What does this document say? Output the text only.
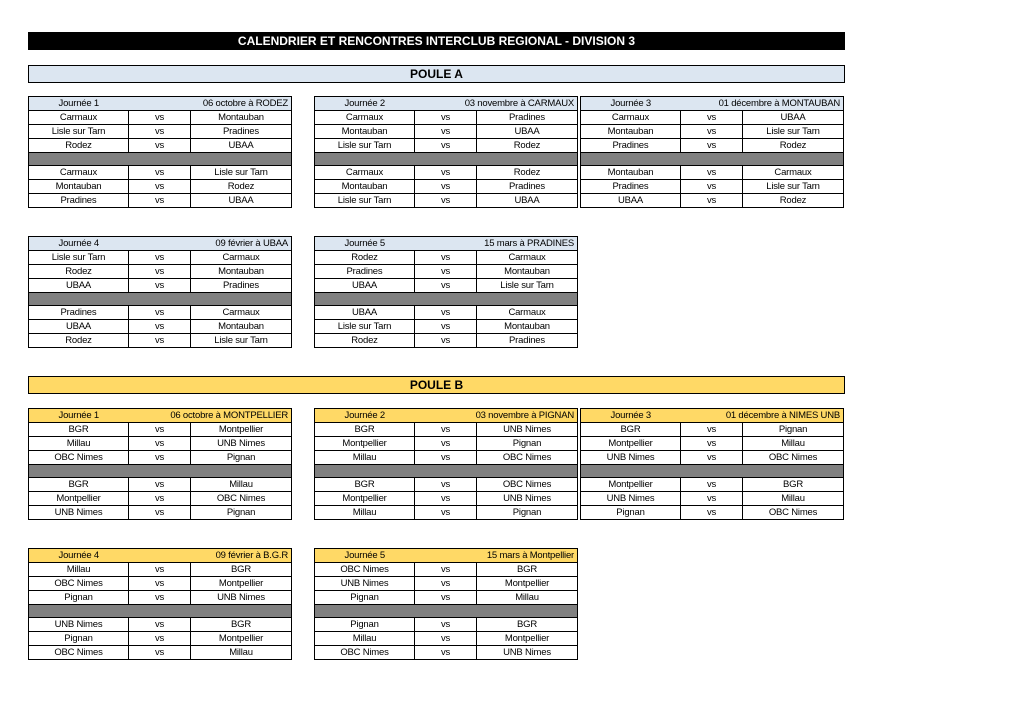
CALENDRIER ET RENCONTRES INTERCLUB REGIONAL - DIVISION 3
POULE A
POULE B
Journée 1	06 octobre à RODEZ	
Carmaux	vs	Montauban
Lisle sur Tarn	vs	Pradines
Rodez	vs	UBAA

Carmaux	vs	Lisle sur Tarn
Montauban	vs	Rodez
Pradines	vs	UBAA
Journée 2	03 novembre à CARMAUX	
Carmaux	vs	Pradines
Montauban	vs	UBAA
Lisle sur Tarn	vs	Rodez

Carmaux	vs	Rodez
Montauban	vs	Pradines
Lisle sur Tarn	vs	UBAA
Journée 3	01 décembre à MONTAUBAN	
Carmaux	vs	UBAA
Montauban	vs	Lisle sur Tarn
Pradines	vs	Rodez

Montauban	vs	Carmaux
Pradines	vs	Lisle sur Tarn
UBAA	vs	Rodez
Journée 4	09 février à UBAA	
Lisle sur Tarn	vs	Carmaux
Rodez	vs	Montauban
UBAA	vs	Pradines

Pradines	vs	Carmaux
UBAA	vs	Montauban
Rodez	vs	Lisle sur Tarn
Journée 5	15 mars à PRADINES	
Rodez	vs	Carmaux
Pradines	vs	Montauban
UBAA	vs	Lisle sur Tarn

UBAA	vs	Carmaux
Lisle sur Tarn	vs	Montauban
Rodez	vs	Pradines
Journée 1	06 octobre à MONTPELLIER	
BGR	vs	Montpellier
Millau	vs	UNB Nimes
OBC Nimes	vs	Pignan

BGR	vs	Millau
Montpellier	vs	OBC Nimes
UNB Nimes	vs	Pignan
Journée 2	03 novembre à PIGNAN	
BGR	vs	UNB Nimes
Montpellier	vs	Pignan
Millau	vs	OBC Nimes

BGR	vs	OBC Nimes
Montpellier	vs	UNB Nimes
Millau	vs	Pignan
Journée 3	01 décembre à NIMES UNB	
BGR	vs	Pignan
Montpellier	vs	Millau
UNB Nimes	vs	OBC Nimes

Montpellier	vs	BGR
UNB Nimes	vs	Millau
Pignan	vs	OBC Nimes
Journée 4	09 février à B.G.R	
Millau	vs	BGR
OBC Nimes	vs	Montpellier
Pignan	vs	UNB Nimes

UNB Nimes	vs	BGR
Pignan	vs	Montpellier
OBC Nimes	vs	Millau
Journée 5	15 mars à Montpellier	
OBC Nimes	vs	BGR
UNB Nimes	vs	Montpellier
Pignan	vs	Millau

Pignan	vs	BGR
Millau	vs	Montpellier
OBC Nimes	vs	UNB Nimes
